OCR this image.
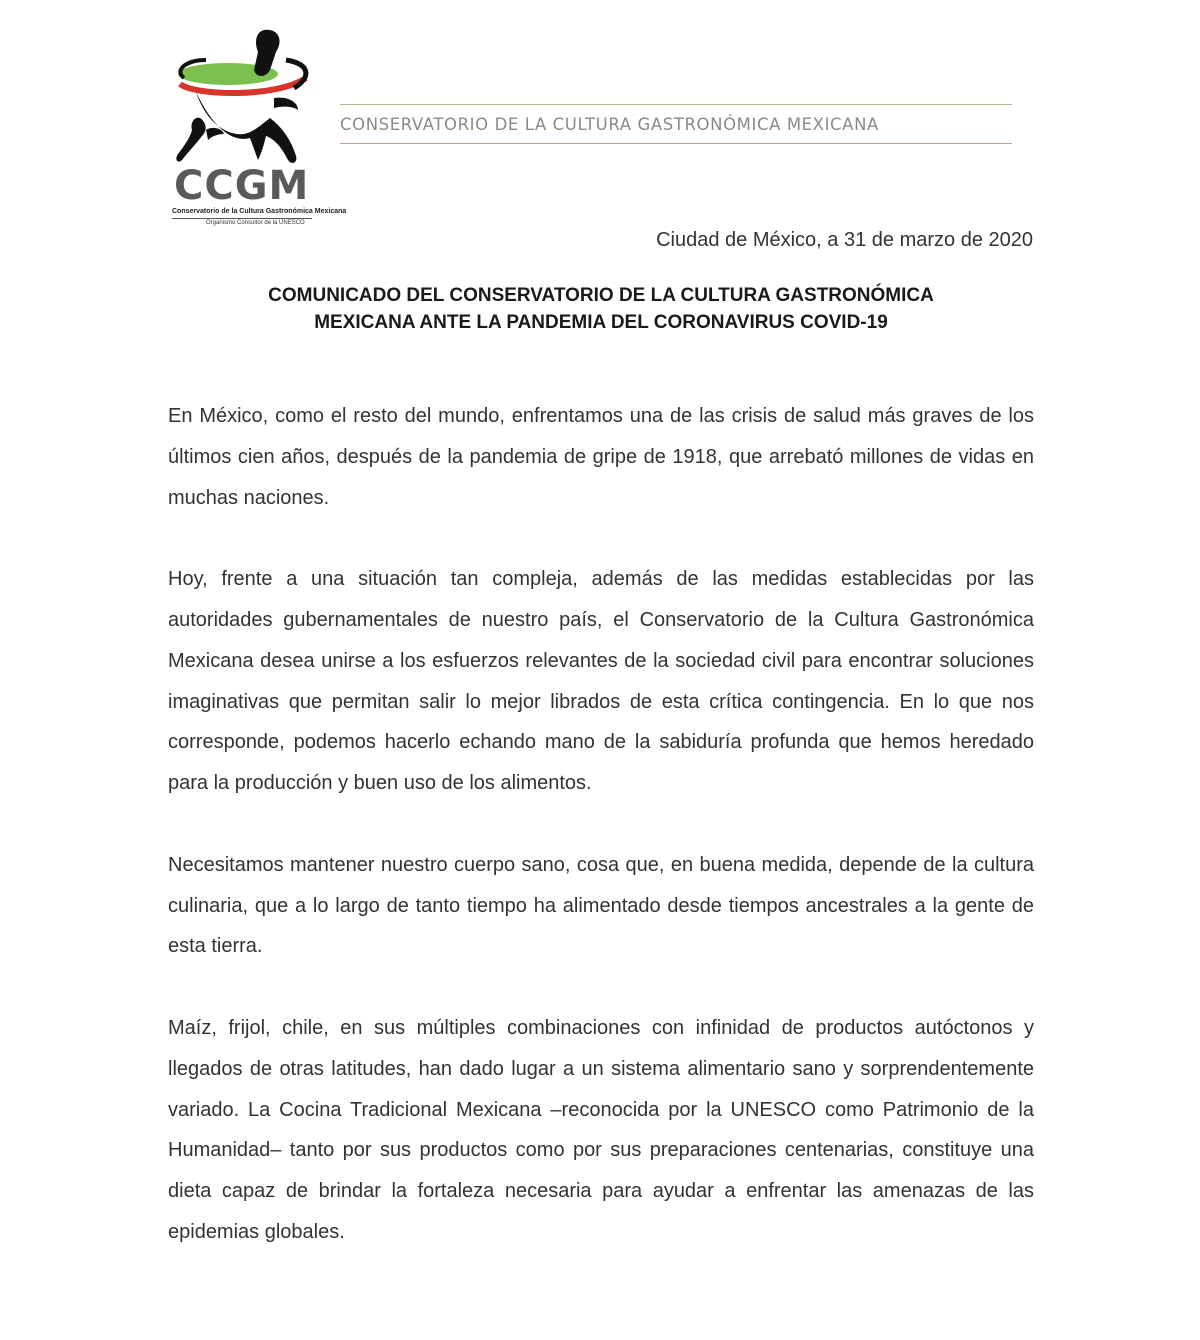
CCGM
Conservatorio de la Cultura Gastronómica Mexicana
Organismo Consultor de la UNESCO
CONSERVATORIO DE LA CULTURA GASTRONÓMICA MEXICANA
Ciudad de México, a 31 de marzo de 2020
COMUNICADO DEL CONSERVATORIO DE LA CULTURA GASTRONÓMICA
MEXICANA ANTE LA PANDEMIA DEL CORONAVIRUS COVID-19

En México, como el resto del mundo, enfrentamos una de las crisis de salud más graves de los últimos cien años, después de la pandemia de gripe de 1918, que arrebató millones de vidas en muchas naciones.

Hoy, frente a una situación tan compleja, además de las medidas establecidas por las autoridades gubernamentales de nuestro país, el Conservatorio de la Cultura Gastronómica Mexicana desea unirse a los esfuerzos relevantes de la sociedad civil para encontrar soluciones imaginativas que permitan salir lo mejor librados de esta crítica contingencia. En lo que nos corresponde, podemos hacerlo echando mano de la sabiduría profunda que hemos heredado para la producción y buen uso de los alimentos.

Necesitamos mantener nuestro cuerpo sano, cosa que, en buena medida, depende de la cultura culinaria, que a lo largo de tanto tiempo ha alimentado desde tiempos ancestrales a la gente de esta tierra.

Maíz, frijol, chile, en sus múltiples combinaciones con infinidad de productos autóctonos y llegados de otras latitudes, han dado lugar a un sistema alimentario sano y sorprendentemente variado. La Cocina Tradicional Mexicana –reconocida por la UNESCO como Patrimonio de la Humanidad– tanto por sus productos como por sus preparaciones centenarias, constituye una dieta capaz de brindar la fortaleza necesaria para ayudar a enfrentar las amenazas de las epidemias globales.
